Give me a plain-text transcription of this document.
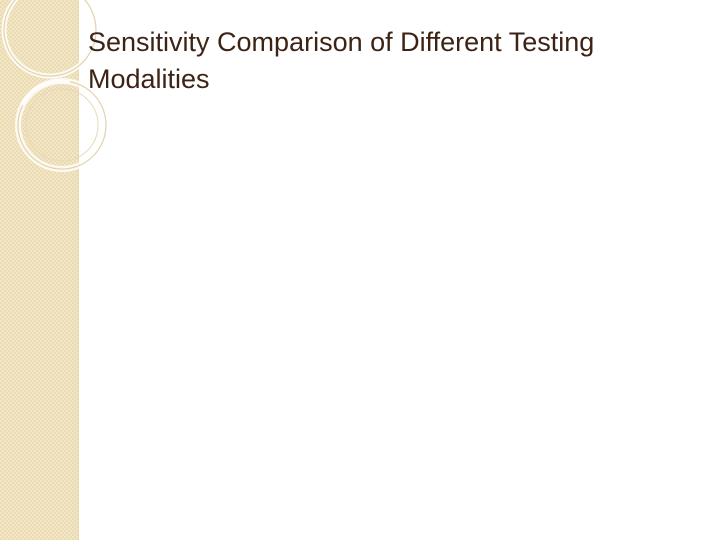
Sensitivity Comparison of Different Testing Modalities
